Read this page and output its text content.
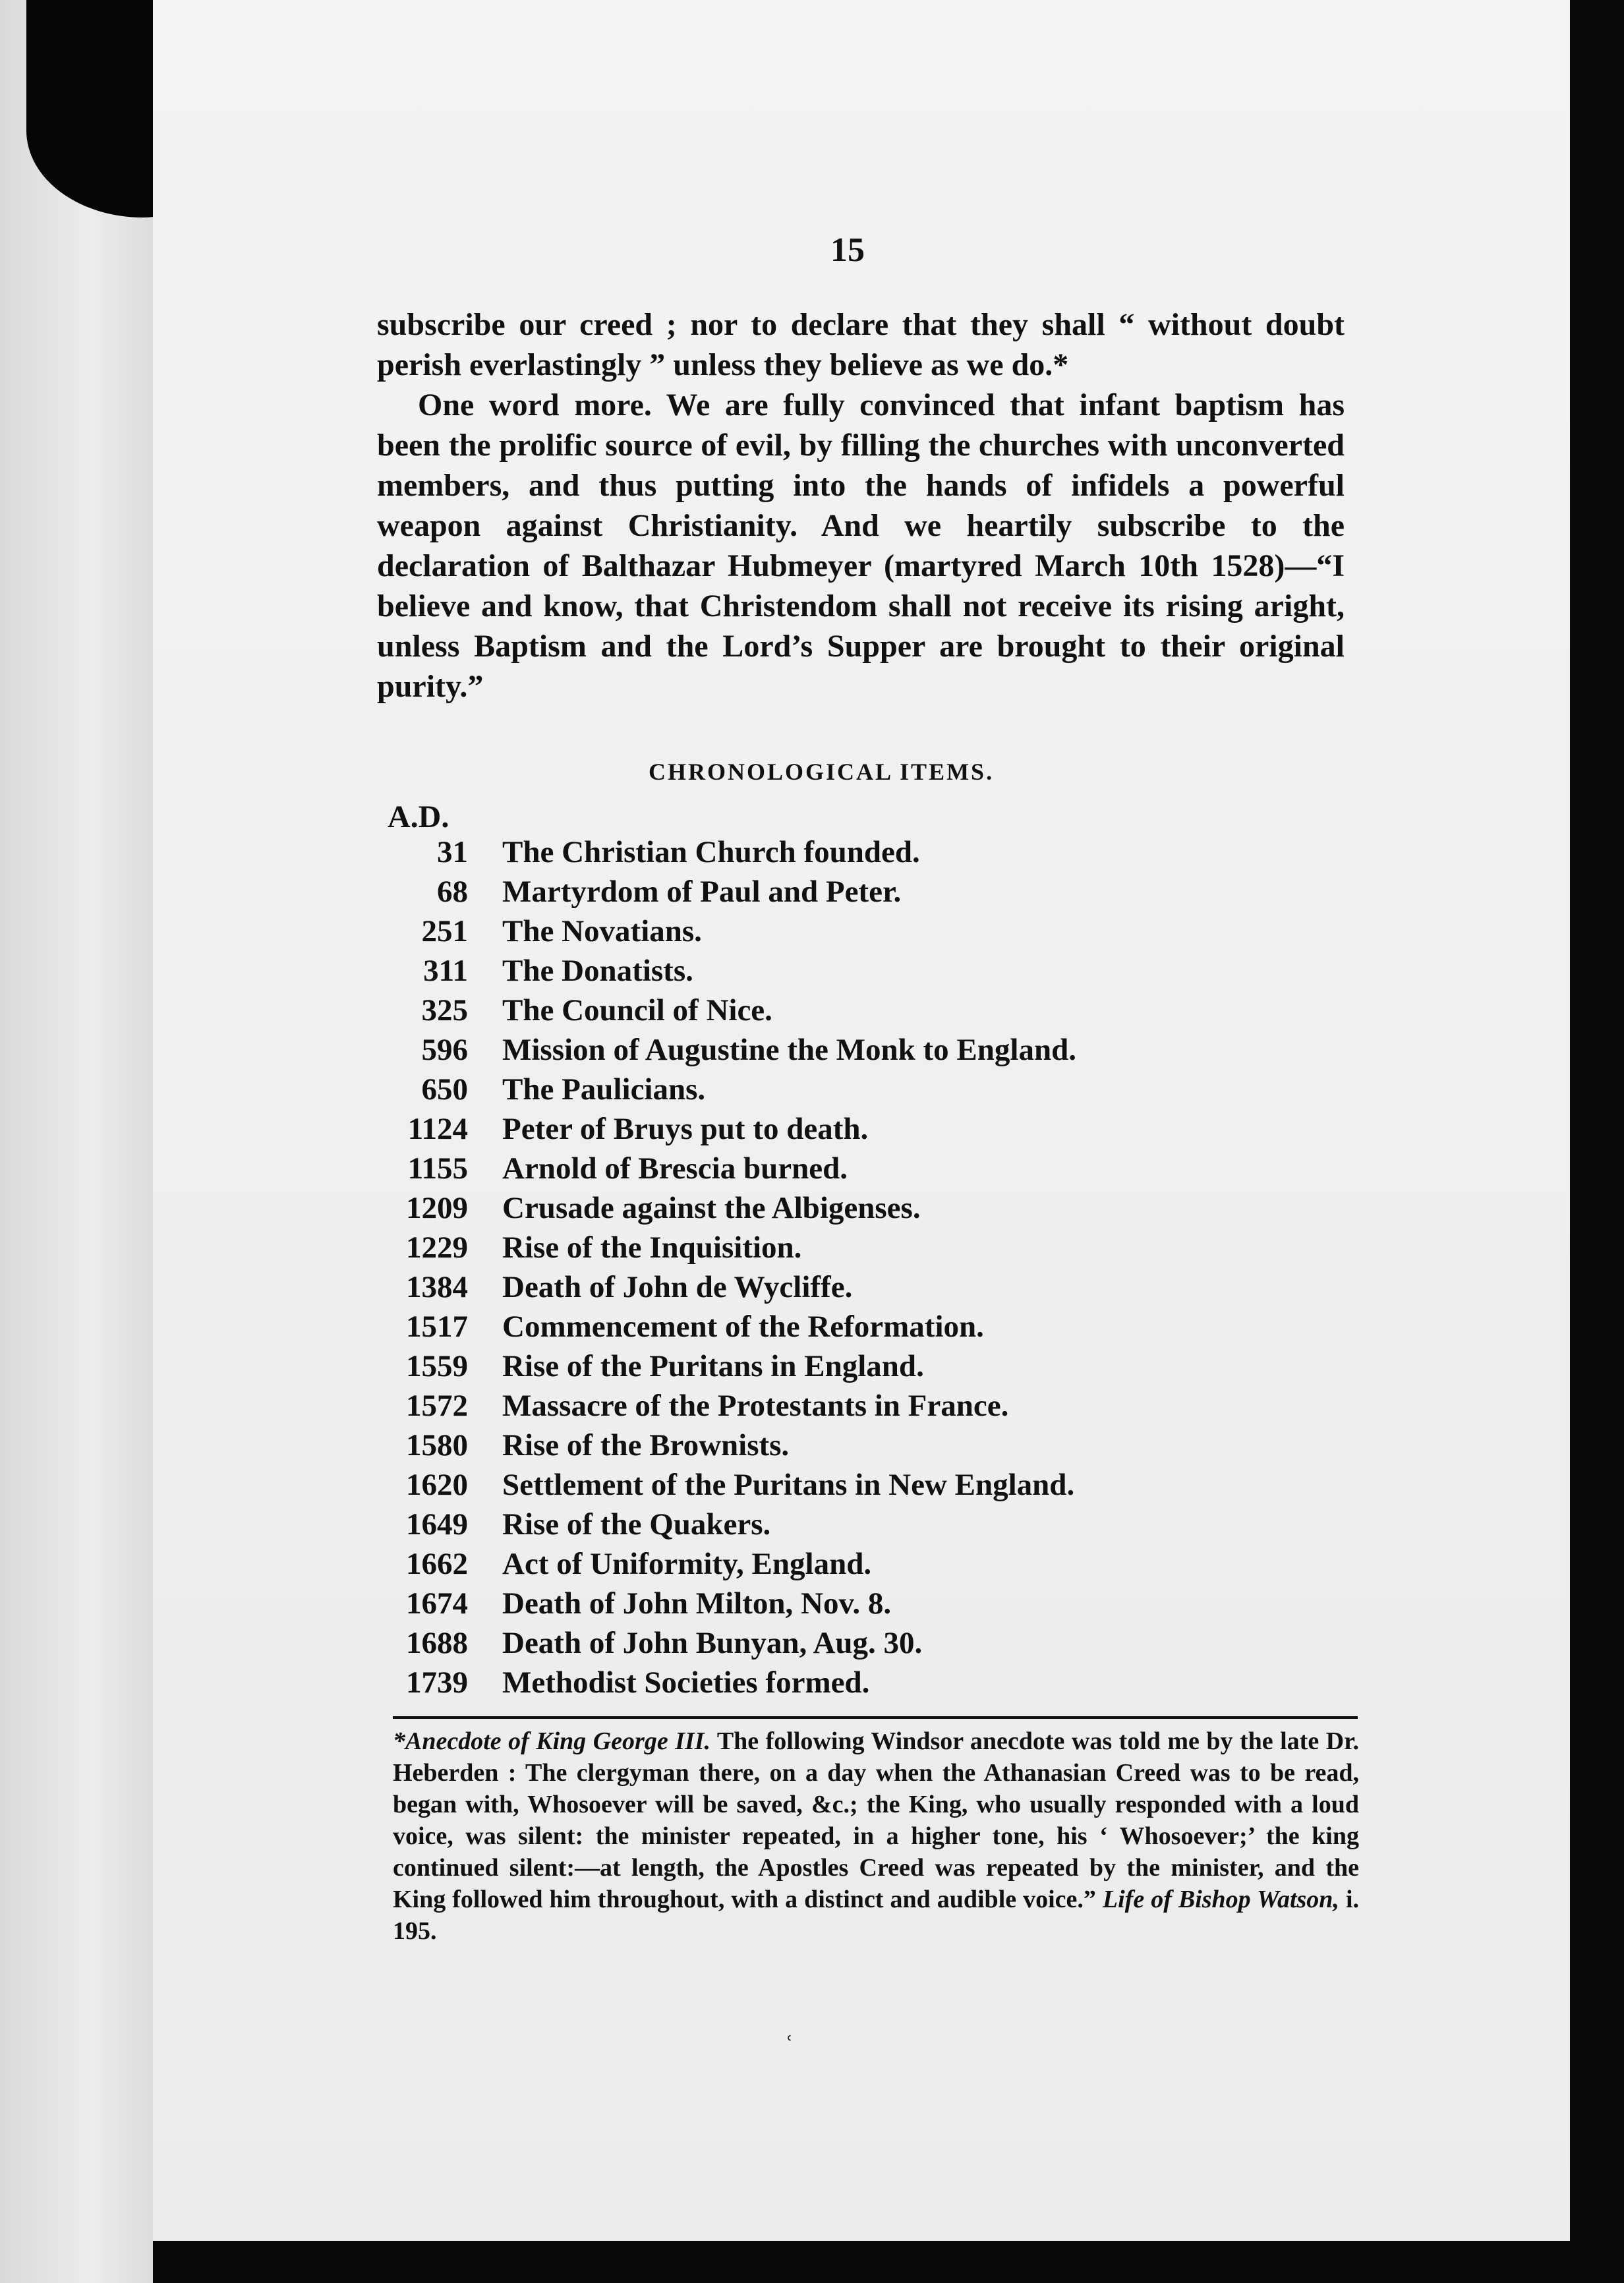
15

subscribe our creed ; nor to declare that they shall “ without doubt perish everlastingly ” unless they believe as we do.*

One word more. We are fully convinced that infant baptism has been the prolific source of evil, by filling the churches with unconverted members, and thus putting into the hands of infidels a powerful weapon against Christianity. And we heartily subscribe to the declaration of Balthazar Hubmeyer (martyred March 10th 1528)—“I believe and know, that Christendom shall not receive its rising aright, unless Baptism and the Lord’s Supper are brought to their original purity.”

CHRONOLOGICAL ITEMS.
A.D.
31	The Christian Church founded.
68	Martyrdom of Paul and Peter.
251	The Novatians.
311	The Donatists.
325	The Council of Nice.
596	Mission of Augustine the Monk to England.
650	The Paulicians.
1124	Peter of Bruys put to death.
1155	Arnold of Brescia burned.
1209	Crusade against the Albigenses.
1229	Rise of the Inquisition.
1384	Death of John de Wycliffe.
1517	Commencement of the Reformation.
1559	Rise of the Puritans in England.
1572	Massacre of the Protestants in France.
1580	Rise of the Brownists.
1620	Settlement of the Puritans in New England.
1649	Rise of the Quakers.
1662	Act of Uniformity, England.
1674	Death of John Milton, Nov. 8.
1688	Death of John Bunyan, Aug. 30.
1739	Methodist Societies formed.

*Anecdote of King George III. The following Windsor anecdote was told me by the late Dr. Heberden : The clergyman there, on a day when the Athanasian Creed was to be read, began with, Whosoever will be saved, &c.; the King, who usually responded with a loud voice, was silent: the minister repeated, in a higher tone, his ‘ Whosoever;’ the king continued silent:—at length, the Apostles Creed was repeated by the minister, and the King followed him throughout, with a distinct and audible voice.” Life of Bishop Watson, i. 195.

ʿ
